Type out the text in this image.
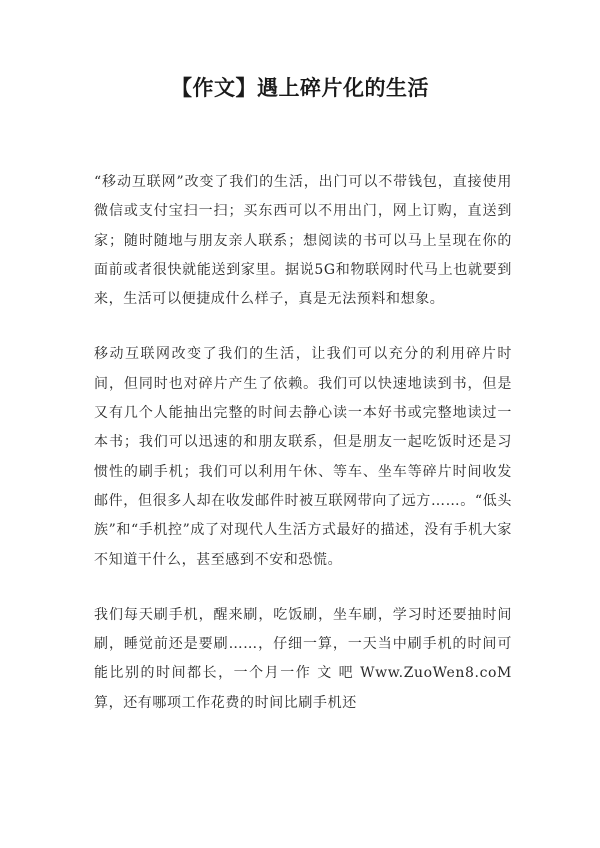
【作文】遇上碎片化的生活

“移动互联网”改变了我们的生活，出门可以不带钱包，直接使用微信或支付宝扫一扫；买东西可以不用出门，网上订购，直送到家；随时随地与朋友亲人联系；想阅读的书可以马上呈现在你的面前或者很快就能送到家里。据说5G和物联网时代马上也就要到来，生活可以便捷成什么样子，真是无法预料和想象。

移动互联网改变了我们的生活，让我们可以充分的利用碎片时间，但同时也对碎片产生了依赖。我们可以快速地读到书，但是又有几个人能抽出完整的时间去静心读一本好书或完整地读过一本书；我们可以迅速的和朋友联系，但是朋友一起吃饭时还是习惯性的刷手机；我们可以利用午休、等车、坐车等碎片时间收发邮件，但很多人却在收发邮件时被互联网带向了远方……。“低头族”和“手机控”成了对现代人生活方式最好的描述，没有手机大家不知道干什么，甚至感到不安和恐慌。

我们每天刷手机，醒来刷，吃饭刷，坐车刷，学习时还要抽时间刷，睡觉前还是要刷……，仔细一算，一天当中刷手机的时间可能比别的时间都长，一个月一作 文 吧 Www.ZuoWen8.coM算，还有哪项工作花费的时间比刷手机还
